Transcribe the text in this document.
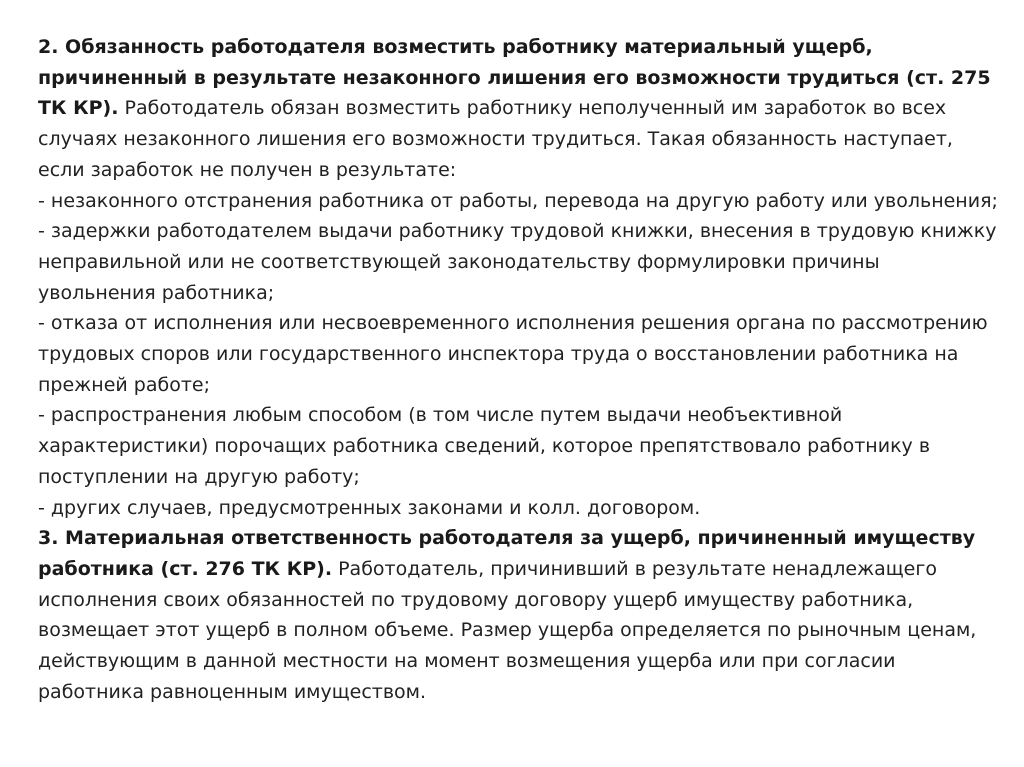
2. Обязанность работодателя возместить работнику материальный ущерб, причиненный в результате незаконного лишения его возможности трудиться (ст. 275 ТК КР). Работодатель обязан возместить работнику неполученный им заработок во всех случаях незаконного лишения его возможности трудиться. Такая обязанность наступает, если заработок не получен в результате:

- незаконного отстранения работника от работы, перевода на другую работу или увольнения;

- задержки работодателем выдачи работнику трудовой книжки, внесения в трудовую книжку неправильной или не соответствующей законодательству формулировки причины увольнения работника;

- отказа от исполнения или несвоевременного исполнения решения органа по рассмотрению трудовых споров или государственного инспектора труда о восстановлении работника на прежней работе;

- распространения любым способом (в том числе путем выдачи необъективной характеристики) порочащих работника сведений, которое препятствовало работнику в поступлении на другую работу;

- других случаев, предусмотренных законами и колл. договором.

3. Материальная ответственность работодателя за ущерб, причиненный имуществу работника (ст. 276 ТК КР). Работодатель, причинивший в результате ненадлежащего исполнения своих обязанностей по трудовому договору ущерб имуществу работника, возмещает этот ущерб в полном объеме. Размер ущерба определяется по рыночным ценам, действующим в данной местности на момент возмещения ущерба или при согласии работника равноценным имуществом.
